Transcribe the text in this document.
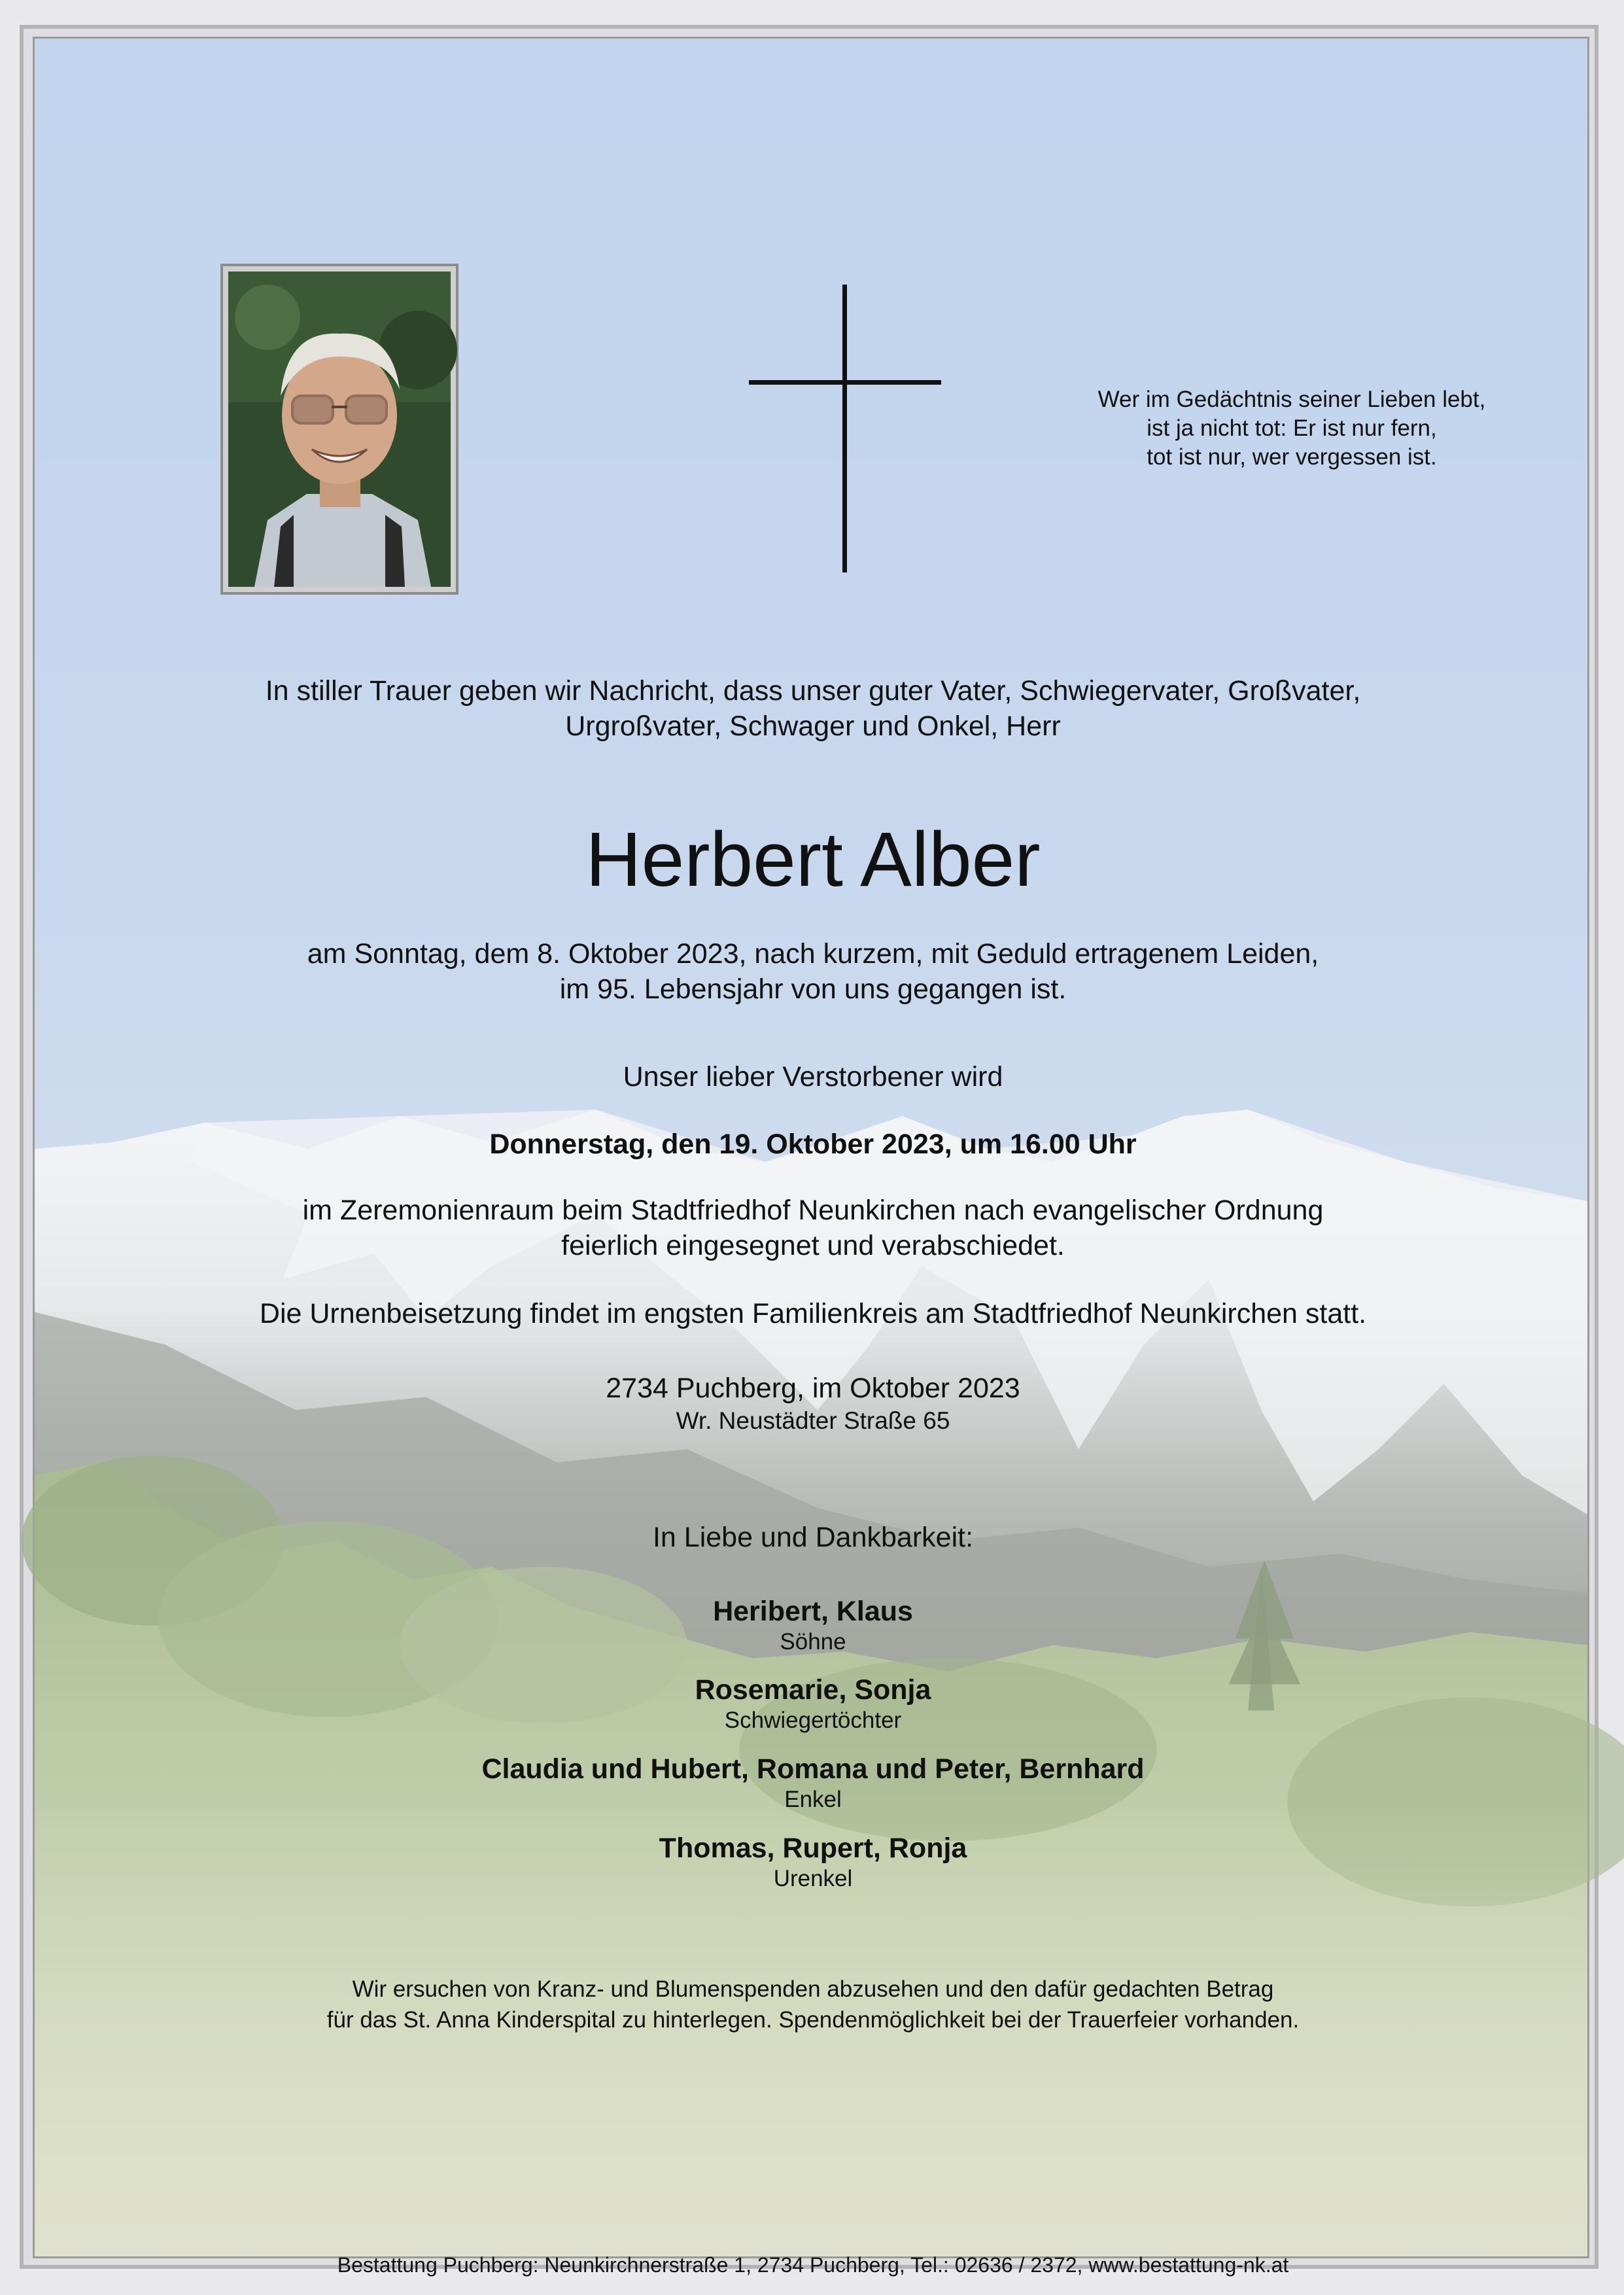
Wer im Gedächtnis seiner Lieben lebt,
ist ja nicht tot: Er ist nur fern,
tot ist nur, wer vergessen ist.
In stiller Trauer geben wir Nachricht, dass unser guter Vater, Schwiegervater, Großvater,
Urgroßvater, Schwager und Onkel, Herr
Herbert Alber
am Sonntag, dem 8. Oktober 2023, nach kurzem, mit Geduld ertragenem Leiden,
im 95. Lebensjahr von uns gegangen ist.
Unser lieber Verstorbener wird
Donnerstag, den 19. Oktober 2023, um 16.00 Uhr
im Zeremonienraum beim Stadtfriedhof Neunkirchen nach evangelischer Ordnung
feierlich eingesegnet und verabschiedet.
Die Urnenbeisetzung findet im engsten Familienkreis am Stadtfriedhof Neunkirchen statt.
2734 Puchberg, im Oktober 2023
Wr. Neustädter Straße 65
In Liebe und Dankbarkeit:
Heribert, Klaus
Söhne
Rosemarie, Sonja
Schwiegertöchter
Claudia und Hubert, Romana und Peter, Bernhard
Enkel
Thomas, Rupert, Ronja
Urenkel
Wir ersuchen von Kranz- und Blumenspenden abzusehen und den dafür gedachten Betrag
für das St. Anna Kinderspital zu hinterlegen. Spendenmöglichkeit bei der Trauerfeier vorhanden.
Bestattung Puchberg: Neunkirchnerstraße 1, 2734 Puchberg, Tel.: 02636 / 2372, www.bestattung-nk.at
